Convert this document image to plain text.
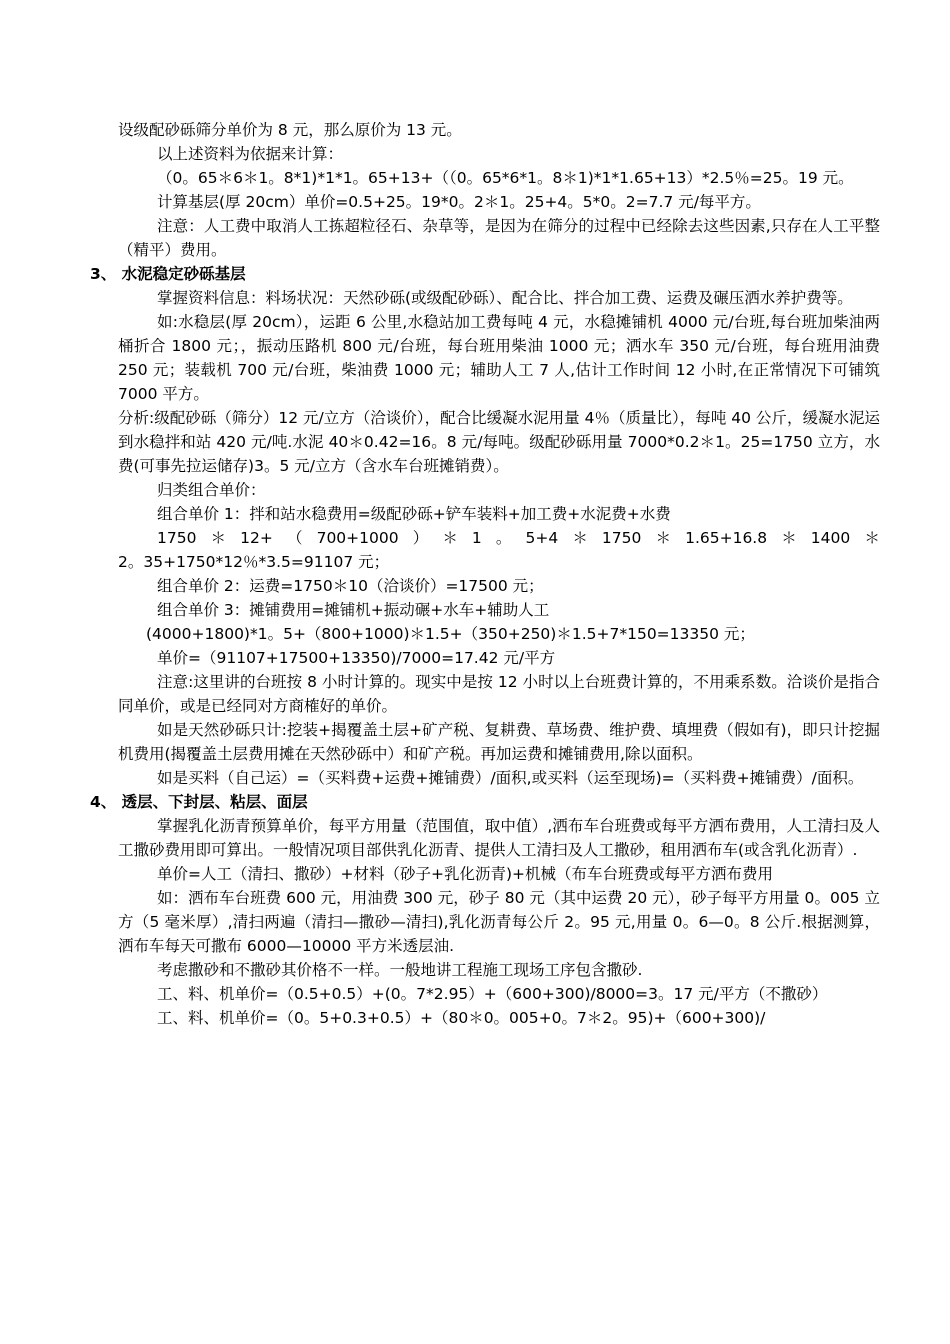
设级配砂砾筛分单价为 8 元，那么原价为 13 元。

以上述资料为依据来计算：

（0。65＊6＊1。8*1)*1*1。65+13+（（0。65*6*1。8＊1)*1*1.65+13）*2.5％=25。19 元。

计算基层(厚 20cm）单价=0.5+25。19*0。2＊1。25+4。5*0。2=7.7 元/每平方。

注意：人工费中取消人工拣超粒径石、杂草等，是因为在筛分的过程中已经除去这些因素,只存在人工平整（精平）费用。

3、 水泥稳定砂砾基层

掌握资料信息：料场状况：天然砂砾(或级配砂砾）、配合比、拌合加工费、运费及碾压洒水养护费等。

如:水稳层(厚 20cm），运距 6 公里,水稳站加工费每吨 4 元，水稳摊铺机 4000 元/台班,每台班加柴油两桶折合 1800 元；，振动压路机 800 元/台班，每台班用柴油 1000 元；洒水车 350 元/台班，每台班用油费 250 元；装载机 700 元/台班，柴油费 1000 元；辅助人工 7 人,估计工作时间 12 小时,在正常情况下可铺筑 7000 平方。

分析:级配砂砾（筛分）12 元/立方（洽谈价），配合比缓凝水泥用量 4％（质量比），每吨 40 公斤，缓凝水泥运到水稳拌和站 420 元/吨.水泥 40＊0.42=16。8 元/每吨。级配砂砾用量 7000*0.2＊1。25=1750 立方，水费(可事先拉运储存)3。5 元/立方（含水车台班摊销费）。

归类组合单价：

组合单价 1：拌和站水稳费用=级配砂砾+铲车装料+加工费+水泥费+水费

1750 ＊ 12+ （ 700+1000 ） ＊ 1 。 5+4 ＊ 1750 ＊ 1.65+16.8 ＊ 1400 ＊

2。35+1750*12％*3.5=91107 元；

组合单价 2：运费=1750＊10（洽谈价）=17500 元；

组合单价 3：摊铺费用=摊铺机+振动碾+水车+辅助人工

(4000+1800)*1。5+（800+1000)＊1.5+（350+250)＊1.5+7*150=13350 元；

单价=（91107+17500+13350)/7000=17.42 元/平方

注意:这里讲的台班按 8 小时计算的。现实中是按 12 小时以上台班费计算的，不用乘系数。洽谈价是指合同单价，或是已经同对方商榷好的单价。

如是天然砂砾只计:挖装+揭覆盖土层+矿产税、复耕费、草场费、维护费、填埋费（假如有)，即只计挖掘机费用(揭覆盖土层费用摊在天然砂砾中）和矿产税。再加运费和摊铺费用,除以面积。

如是买料（自己运）=（买料费+运费+摊铺费）/面积,或买料（运至现场)=（买料费+摊铺费）/面积。

4、 透层、下封层、粘层、面层

掌握乳化沥青预算单价，每平方用量（范围值，取中值）,洒布车台班费或每平方洒布费用，人工清扫及人工撒砂费用即可算出。一般情况项目部供乳化沥青、提供人工清扫及人工撒砂，租用洒布车(或含乳化沥青）.

单价=人工（清扫、撒砂）+材料（砂子+乳化沥青)+机械（布车台班费或每平方洒布费用

如：洒布车台班费 600 元，用油费 300 元，砂子 80 元（其中运费 20 元），砂子每平方用量 0。005 立方（5 毫米厚）,清扫两遍（清扫—撒砂—清扫),乳化沥青每公斤 2。95 元,用量 0。6—0。8 公斤.根据测算，洒布车每天可撒布 6000—10000 平方米透层油.

考虑撒砂和不撒砂其价格不一样。一般地讲工程施工现场工序包含撒砂.

工、料、机单价=（0.5+0.5）+(0。7*2.95）+（600+300)/8000=3。17 元/平方（不撒砂）

工、料、机单价=（0。5+0.3+0.5）+（80＊0。005+0。7＊2。95)+（600+300)/
